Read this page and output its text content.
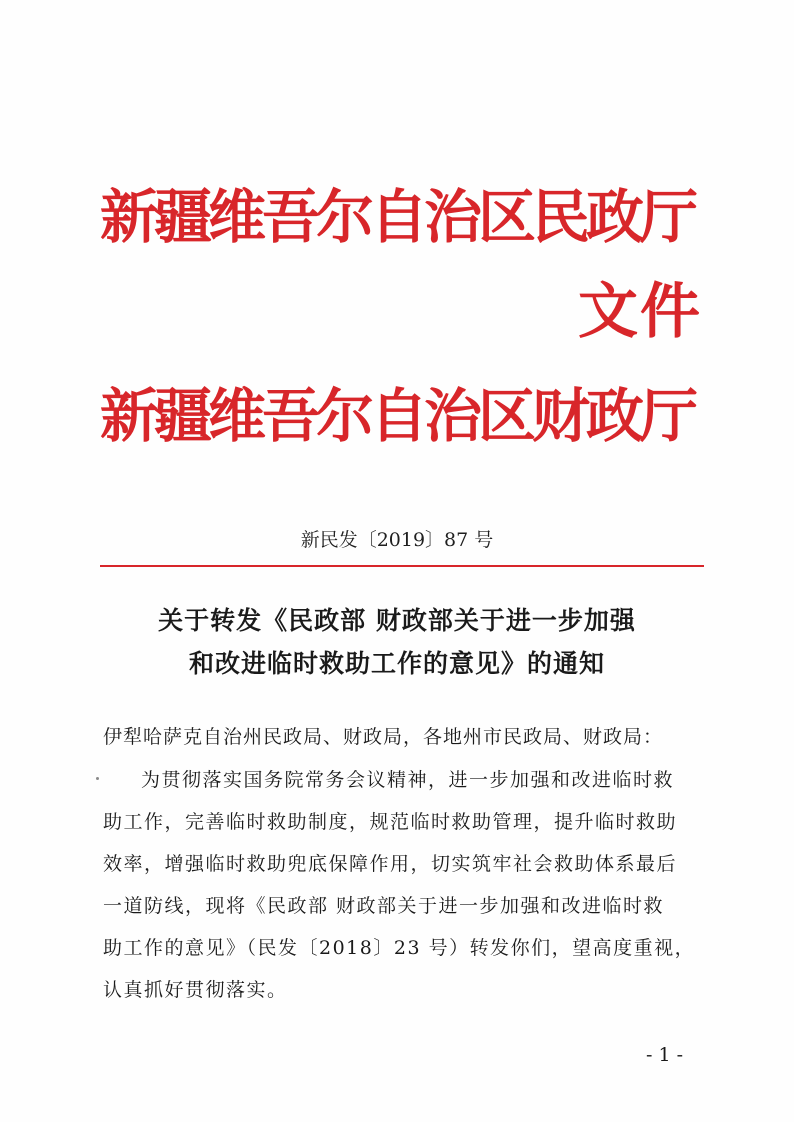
新疆维吾尔自治区民政厅
文件
新疆维吾尔自治区财政厅
新民发〔2019〕87 号
关于转发《民政部 财政部关于进一步加强
和改进临时救助工作的意见》的通知
伊犁哈萨克自治州民政局、财政局，各地州市民政局、财政局：
为贯彻落实国务院常务会议精神，进一步加强和改进临时救
助工作，完善临时救助制度，规范临时救助管理，提升临时救助
效率，增强临时救助兜底保障作用，切实筑牢社会救助体系最后
一道防线，现将《民政部 财政部关于进一步加强和改进临时救
助工作的意见》（民发〔2018〕23 号）转发你们，望高度重视，
认真抓好贯彻落实。
- 1 -
